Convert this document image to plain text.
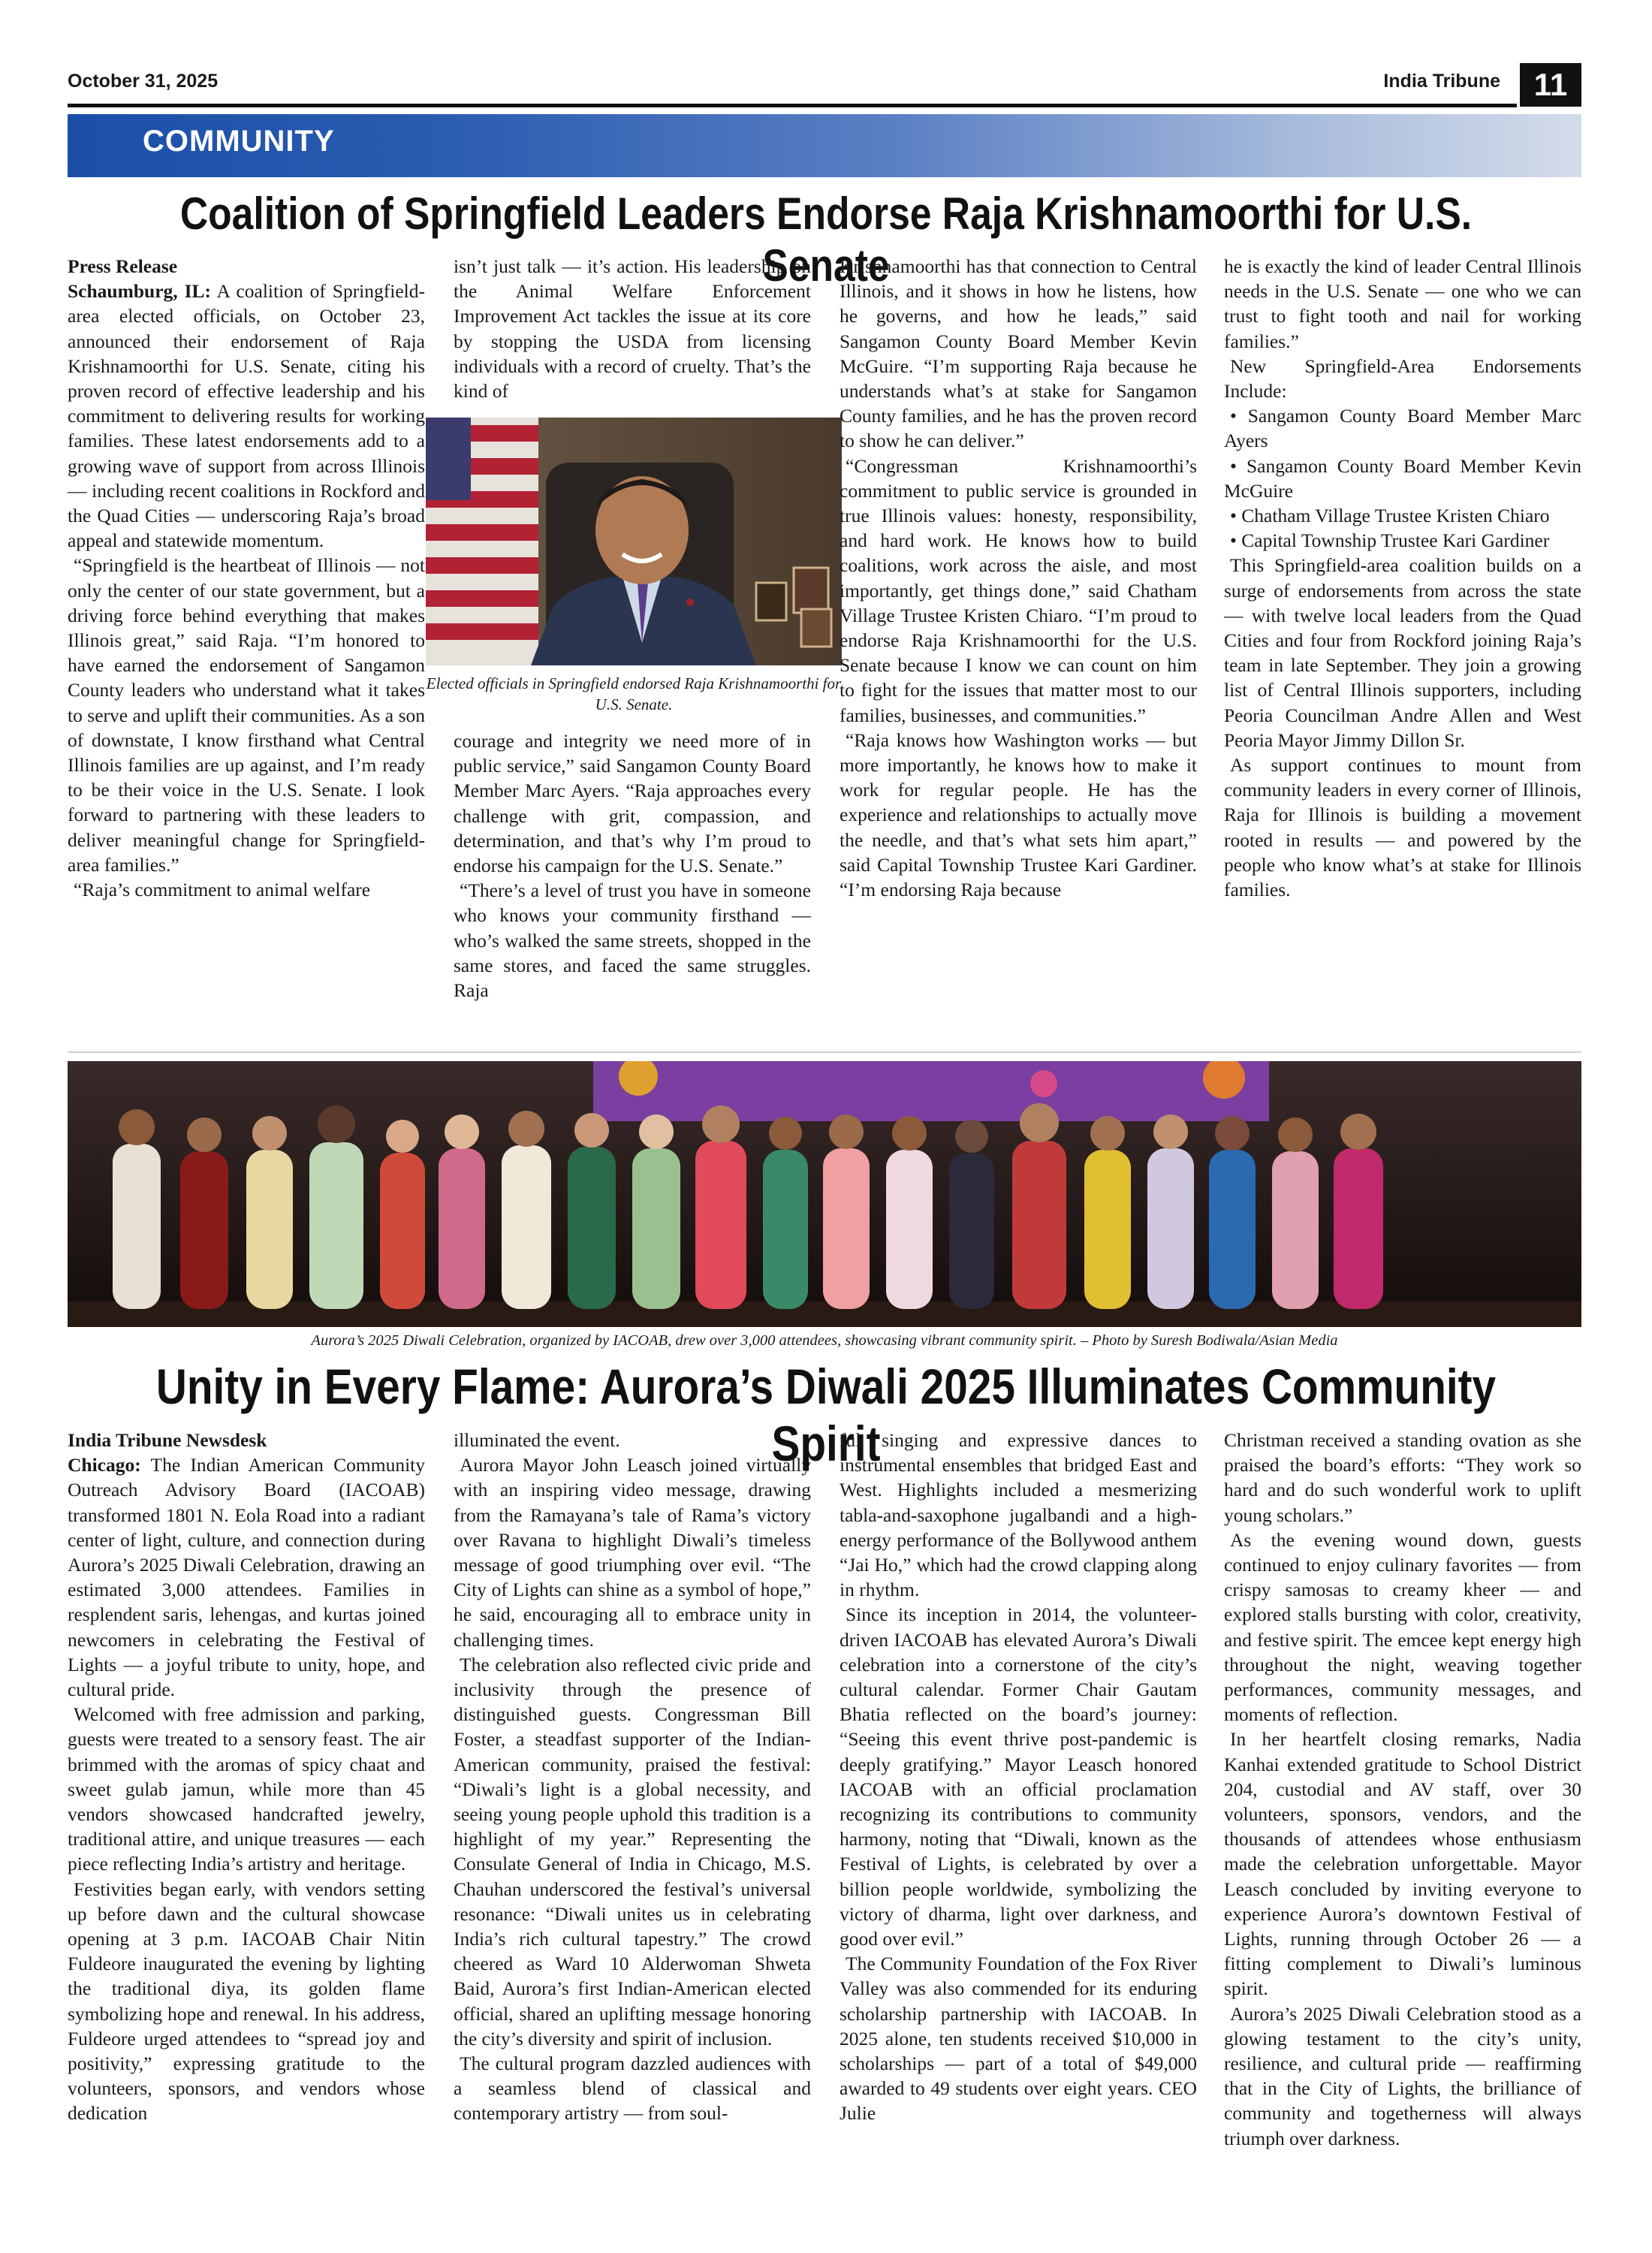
October 31, 2025	India Tribune	11
COMMUNITY
Coalition of Springfield Leaders Endorse Raja Krishnamoorthi for U.S. Senate

Press Release

Schaumburg, IL: A coalition of Springfield-area elected officials, on October 23, announced their endorsement of Raja Krishnamoorthi for U.S. Senate, citing his proven record of effective leadership and his commitment to delivering results for working families. These latest endorsements add to a growing wave of support from across Illinois — including recent coalitions in Rockford and the Quad Cities — underscoring Raja’s broad appeal and statewide momentum.

“Springfield is the heartbeat of Illinois — not only the center of our state government, but a driving force behind everything that makes Illinois great,” said Raja. “I’m honored to have earned the endorsement of Sangamon County leaders who understand what it takes to serve and uplift their communities. As a son of downstate, I know firsthand what Central Illinois families are up against, and I’m ready to be their voice in the U.S. Senate. I look forward to partnering with these leaders to deliver meaningful change for Springfield-area families.”

“Raja’s commitment to animal welfare

isn’t just talk — it’s action. His leadership on the Animal Welfare Enforcement Improvement Act tackles the issue at its core by stopping the USDA from licensing individuals with a record of cruelty. That’s the kind of

Elected officials in Springfield endorsed Raja Krishnamoorthi for U.S. Senate.

courage and integrity we need more of in public service,” said Sangamon County Board Member Marc Ayers. “Raja approaches every challenge with grit, compassion, and determination, and that’s why I’m proud to endorse his campaign for the U.S. Senate.”

“There’s a level of trust you have in someone who knows your community firsthand — who’s walked the same streets, shopped in the same stores, and faced the same struggles. Raja

Krishnamoorthi has that connection to Central Illinois, and it shows in how he listens, how he governs, and how he leads,” said Sangamon County Board Member Kevin McGuire. “I’m supporting Raja because he understands what’s at stake for Sangamon County families, and he has the proven record to show he can deliver.”

“Congressman Krishnamoorthi’s commitment to public service is grounded in true Illinois values: honesty, responsibility, and hard work. He knows how to build coalitions, work across the aisle, and most importantly, get things done,” said Chatham Village Trustee Kristen Chiaro. “I’m proud to endorse Raja Krishnamoorthi for the U.S. Senate because I know we can count on him to fight for the issues that matter most to our families, businesses, and communities.”

“Raja knows how Washington works — but more importantly, he knows how to make it work for regular people. He has the experience and relationships to actually move the needle, and that’s what sets him apart,” said Capital Township Trustee Kari Gardiner. “I’m endorsing Raja because

he is exactly the kind of leader Central Illinois needs in the U.S. Senate — one who we can trust to fight tooth and nail for working families.”

New Springfield-Area Endorsements Include:

• Sangamon County Board Member Marc Ayers

• Sangamon County Board Member Kevin McGuire

• Chatham Village Trustee Kristen Chiaro

• Capital Township Trustee Kari Gardiner

This Springfield-area coalition builds on a surge of endorsements from across the state — with twelve local leaders from the Quad Cities and four from Rockford joining Raja’s team in late September. They join a growing list of Central Illinois supporters, including Peoria Councilman Andre Allen and West Peoria Mayor Jimmy Dillon Sr.

As support continues to mount from community leaders in every corner of Illinois, Raja for Illinois is building a movement rooted in results — and powered by the people who know what’s at stake for Illinois families.

Aurora’s 2025 Diwali Celebration, organized by IACOAB, drew over 3,000 attendees, showcasing vibrant community spirit. – Photo by Suresh Bodiwala/Asian Media
Unity in Every Flame: Aurora’s Diwali 2025 Illuminates Community Spirit

India Tribune Newsdesk

Chicago: The Indian American Community Outreach Advisory Board (IACOAB) transformed 1801 N. Eola Road into a radiant center of light, culture, and connection during Aurora’s 2025 Diwali Celebration, drawing an estimated 3,000 attendees. Families in resplendent saris, lehengas, and kurtas joined newcomers in celebrating the Festival of Lights — a joyful tribute to unity, hope, and cultural pride.

Welcomed with free admission and parking, guests were treated to a sensory feast. The air brimmed with the aromas of spicy chaat and sweet gulab jamun, while more than 45 vendors showcased handcrafted jewelry, traditional attire, and unique treasures — each piece reflecting India’s artistry and heritage.

Festivities began early, with vendors setting up before dawn and the cultural showcase opening at 3 p.m. IACOAB Chair Nitin Fuldeore inaugurated the evening by lighting the traditional diya, its golden flame symbolizing hope and renewal. In his address, Fuldeore urged attendees to “spread joy and positivity,” expressing gratitude to the volunteers, sponsors, and vendors whose dedication

illuminated the event.

Aurora Mayor John Leasch joined virtually with an inspiring video message, drawing from the Ramayana’s tale of Rama’s victory over Ravana to highlight Diwali’s timeless message of good triumphing over evil. “The City of Lights can shine as a symbol of hope,” he said, encouraging all to embrace unity in challenging times.

The celebration also reflected civic pride and inclusivity through the presence of distinguished guests. Congressman Bill Foster, a steadfast supporter of the Indian-American community, praised the festival: “Diwali’s light is a global necessity, and seeing young people uphold this tradition is a highlight of my year.” Representing the Consulate General of India in Chicago, M.S. Chauhan underscored the festival’s universal resonance: “Diwali unites us in celebrating India’s rich cultural tapestry.” The crowd cheered as Ward 10 Alderwoman Shweta Baid, Aurora’s first Indian-American elected official, shared an uplifting message honoring the city’s diversity and spirit of inclusion.

The cultural program dazzled audiences with a seamless blend of classical and contemporary artistry — from soul-

ful singing and expressive dances to instrumental ensembles that bridged East and West. Highlights included a mesmerizing tabla-and-saxophone jugalbandi and a high-energy performance of the Bollywood anthem “Jai Ho,” which had the crowd clapping along in rhythm.

Since its inception in 2014, the volunteer-driven IACOAB has elevated Aurora’s Diwali celebration into a cornerstone of the city’s cultural calendar. Former Chair Gautam Bhatia reflected on the board’s journey: “Seeing this event thrive post-pandemic is deeply gratifying.” Mayor Leasch honored IACOAB with an official proclamation recognizing its contributions to community harmony, noting that “Diwali, known as the Festival of Lights, is celebrated by over a billion people worldwide, symbolizing the victory of dharma, light over darkness, and good over evil.”

The Community Foundation of the Fox River Valley was also commended for its enduring scholarship partnership with IACOAB. In 2025 alone, ten students received $10,000 in scholarships — part of a total of $49,000 awarded to 49 students over eight years. CEO Julie

Christman received a standing ovation as she praised the board’s efforts: “They work so hard and do such wonderful work to uplift young scholars.”

As the evening wound down, guests continued to enjoy culinary favorites — from crispy samosas to creamy kheer — and explored stalls bursting with color, creativity, and festive spirit. The emcee kept energy high throughout the night, weaving together performances, community messages, and moments of reflection.

In her heartfelt closing remarks, Nadia Kanhai extended gratitude to School District 204, custodial and AV staff, over 30 volunteers, sponsors, vendors, and the thousands of attendees whose enthusiasm made the celebration unforgettable. Mayor Leasch concluded by inviting everyone to experience Aurora’s downtown Festival of Lights, running through October 26 — a fitting complement to Diwali’s luminous spirit.

Aurora’s 2025 Diwali Celebration stood as a glowing testament to the city’s unity, resilience, and cultural pride — reaffirming that in the City of Lights, the brilliance of community and togetherness will always triumph over darkness.
